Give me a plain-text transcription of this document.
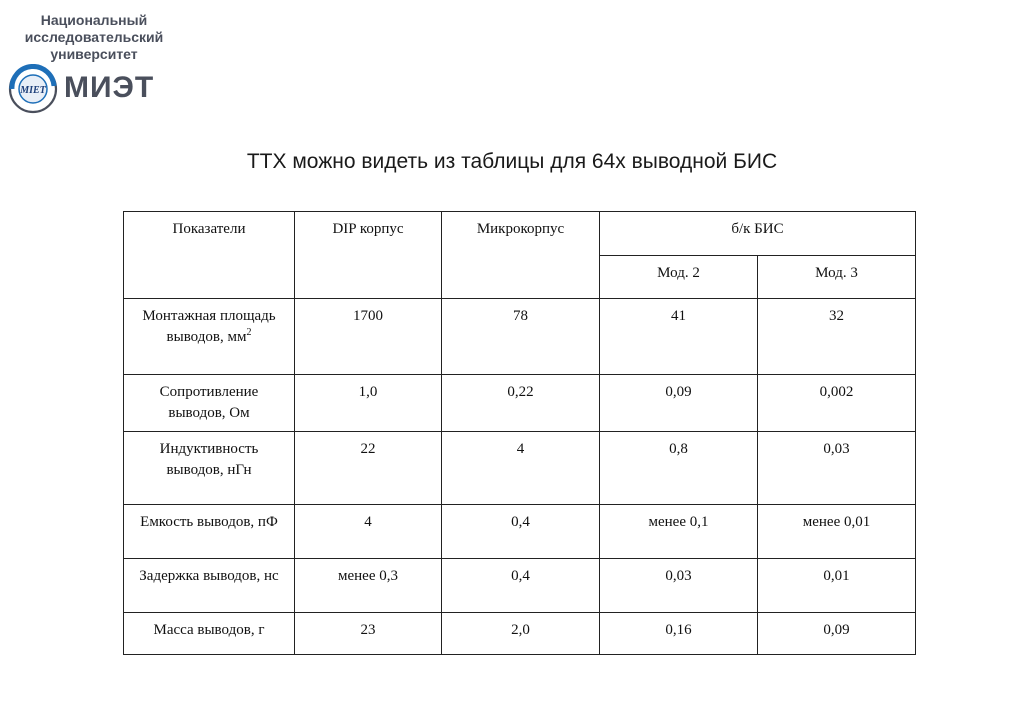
Национальный
исследовательский
университет
MIET МИЭТ
ТТХ можно видеть из таблицы для 64х выводной БИС
Показатели	DIP корпус	Микрокорпус	б/к БИС	
			Мод. 2	Мод. 3
Монтажная площадь выводов, $мм^2$	1700	78	41	32
Сопротивление выводов, Ом	1,0	0,22	0,09	0,002
Индуктивность выводов, нГн	22	4	0,8	0,03
Емкость выводов, пФ	4	0,4	менее 0,1	менее 0,01
Задержка выводов, нс	менее 0,3	0,4	0,03	0,01
Масса выводов, г	23	2,0	0,16	0,09
